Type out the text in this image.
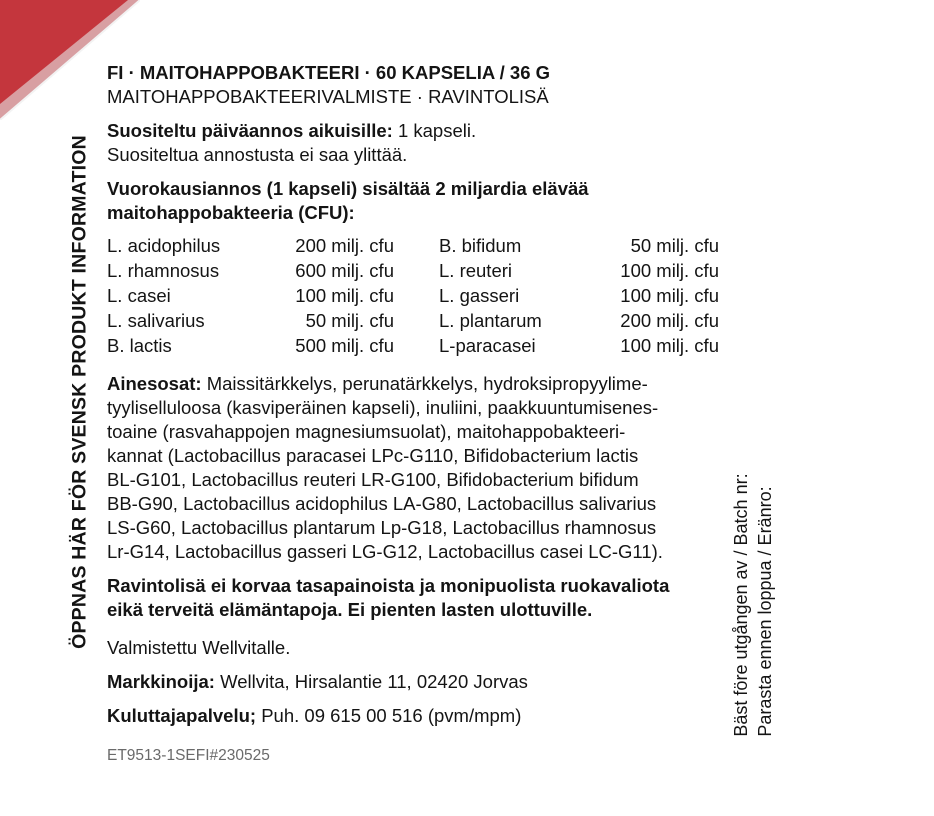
ÖPPNAS HÄR FÖR SVENSK PRODUKT INFORMATION	Bäst före utgången av / Batch nr: Parasta ennen loppua / Eränro:

FI · MAITOHAPPOBAKTEERI · 60 KAPSELIA / 36 G

MAITOHAPPOBAKTEERIVALMISTE · RAVINTOLISÄ

Suositeltu päiväannos aikuisille: 1 kapseli.

Suositeltua annostusta ei saa ylittää.

Vuorokausiannos (1 kapseli) sisältää 2 miljardia elävää

maitohappobakteeria (CFU):

L. acidophilus	200 milj. cfu		B. bifidum	50 milj. cfu
L. rhamnosus	600 milj. cfu		L. reuteri	100 milj. cfu
L. casei	100 milj. cfu		L. gasseri	100 milj. cfu
L. salivarius	50 milj. cfu		L. plantarum	200 milj. cfu
B. lactis	500 milj. cfu		L-paracasei	100 milj. cfu

Ainesosat: Maissitärkkelys, perunatärkkelys, hydroksipropyylime-

tyyliselluloosa (kasviperäinen kapseli), inuliini, paakkuuntumisenes-

toaine (rasvahappojen magnesiumsuolat), maitohappobakteeri-

kannat (Lactobacillus paracasei LPc-G110, Bifidobacterium lactis

BL-G101, Lactobacillus reuteri LR-G100, Bifidobacterium bifidum

BB-G90, Lactobacillus acidophilus LA-G80, Lactobacillus salivarius

LS-G60, Lactobacillus plantarum Lp-G18, Lactobacillus rhamnosus

Lr-G14, Lactobacillus gasseri LG-G12, Lactobacillus casei LC-G11).

Ravintolisä ei korvaa tasapainoista ja monipuolista ruokavaliota

eikä terveitä elämäntapoja. Ei pienten lasten ulottuville.

Valmistettu Wellvitalle.

Markkinoija: Wellvita, Hirsalantie 11, 02420 Jorvas

Kuluttajapalvelu; Puh. 09 615 00 516 (pvm/mpm)

ET9513-1SEFI#230525
